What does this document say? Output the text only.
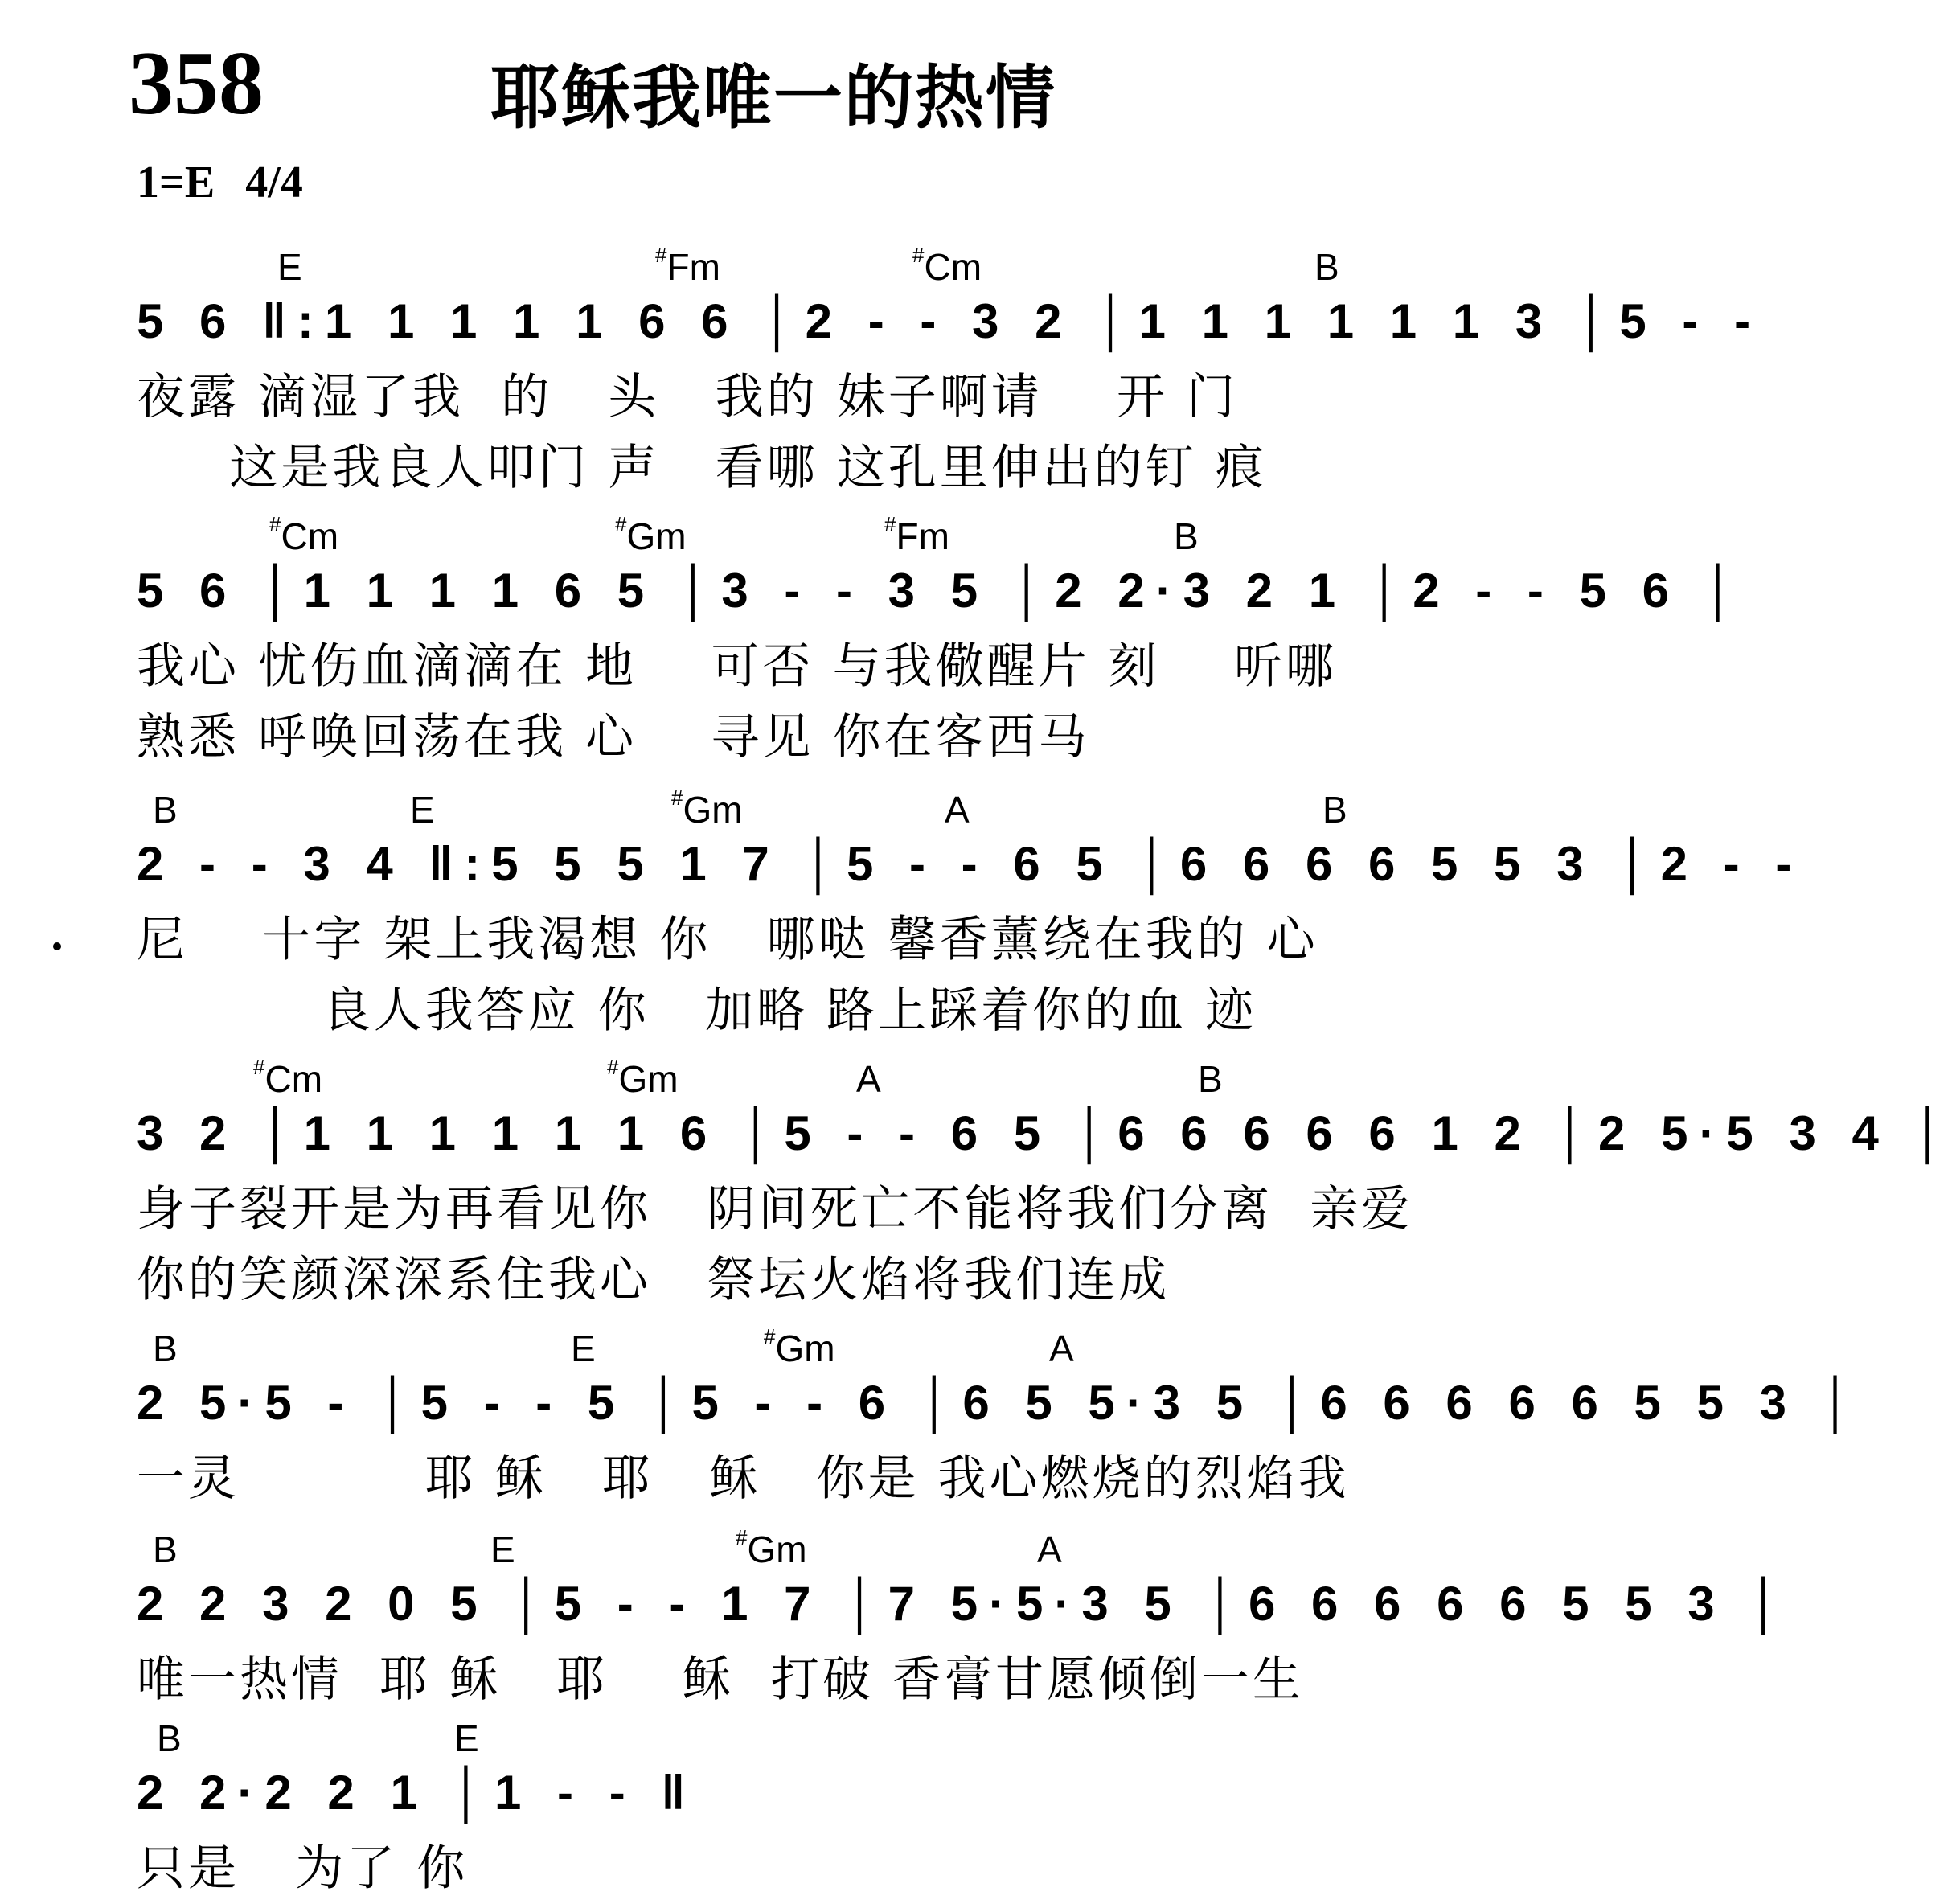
358	耶稣我唯一的热情
1=E 4/4
E	#Fm	#Cm	B
5 6 ‖:1 1 1 1 1 6 6 │2 - - 3 2 │1 1 1 1 1 1 3 │5 - -
夜露 滴湿了我  的   头   我的 妹子啊请    开 门
这是我良人叩门 声   看哪 这孔里伸出的钉 痕
#Cm	#Gm	#Fm	B
5 6 │1 1 1 1 6 5 │3 - - 3 5 │2 2·3 2 1 │2 - - 5 6 │
我心 忧伤血滴滴在 地    可否 与我儆醒片 刻    听哪
熟悉 呼唤回荡在我 心    寻见 你在客西马
B	E	#Gm	A	B
2 - - 3 4 ‖:5 5 5 1 7 │5 - - 6 5 │6 6 6 6 5 5 3 │2 - -
尼    十字 架上我渴想 你   哪哒 馨香薰绕在我的 心
良人我答应 你   加略 路上踩着你的血 迹
#Cm	#Gm	A	B
3 2 │1 1 1 1 1 1 6 │5 - - 6 5 │6 6 6 6 6 1 2 │2 5·5 3 4 │
身子裂开是为再看见你   阴间死亡不能将我们分离  亲爱
你的笑颜深深系住我心   祭坛火焰将我们连成
B	E	#Gm	A
2 5·5 - │5 - - 5 │5 - - 6 │6 5 5·3 5 │6 6 6 6 6 5 5 3 │
一灵          耶 稣   耶   稣   你是 我心燃烧的烈焰我
B	E	#Gm	A
2 2 3 2 0 5 │5 - - 1 7 │7 5·5·3 5 │6 6 6 6 6 5 5 3 │
唯一热情  耶 稣   耶    稣  打破 香膏甘愿倾倒一生
B	E
2 2·2 2 1 │1 - - ‖
只是   为了 你
